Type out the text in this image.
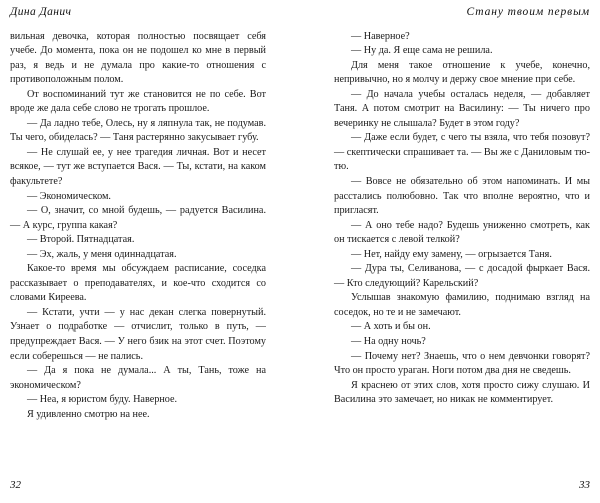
Дина Данич

вильная девочка, которая полностью посвящает себя учебе. До момента, пока он не подошел ко мне в первый раз, я ведь и не думала про какие-то отношения с противоположным полом.

От воспоминаний тут же становится не по себе. Вот вроде же дала себе слово не трогать прошлое.

— Да ладно тебе, Олесь, ну я ляпнула так, не подумав. Ты чего, обиделась? — Таня растерянно закусывает губу.

— Не слушай ее, у нее трагедия личная. Вот и несет всякое, — тут же вступается Вася. — Ты, кстати, на каком факультете?

— Экономическом.

— О, значит, со мной будешь, — радуется Василина. — А курс, группа какая?

— Второй. Пятнадцатая.

— Эх, жаль, у меня одиннадцатая.

Какое-то время мы обсуждаем расписание, соседка рассказывает о преподавателях, и кое-что сходится со словами Киреева.

— Кстати, учти — у нас декан слегка повернутый. Узнает о подработке — отчислит, только в путь, — предупреждает Вася. — У него бзик на этот счет. Поэтому если соберешься — не пались.

— Да я пока не думала... А ты, Тань, тоже на экономическом?

— Неа, я юристом буду. Наверное.

Я удивленно смотрю на нее.

32
Стану твоим первым

— Наверное?

— Ну да. Я еще сама не решила.

Для меня такое отношение к учебе, конечно, непривычно, но я молчу и держу свое мнение при себе.

— До начала учебы осталась неделя, — добавляет Таня. А потом смотрит на Василину: — Ты ничего про вечеринку не слышала? Будет в этом году?

— Даже если будет, с чего ты взяла, что тебя позовут? — скептически спрашивает та. — Вы же с Даниловым тю-тю.

— Вовсе не обязательно об этом напоминать. И мы расстались полюбовно. Так что вполне вероятно, что и пригласят.

— А оно тебе надо? Будешь униженно смотреть, как он тискается с левой телкой?

— Нет, найду ему замену, — огрызается Таня.

— Дура ты, Селиванова, — с досадой фыркает Вася. — Кто следующий? Карельский?

Услышав знакомую фамилию, поднимаю взгляд на соседок, но те и не замечают.

— А хоть и бы он.

— На одну ночь?

— Почему нет? Знаешь, что о нем девчонки говорят? Что он просто ураган. Ноги потом два дня не сведешь.

Я краснею от этих слов, хотя просто сижу слушаю. И Василина это замечает, но никак не комментирует.

33
